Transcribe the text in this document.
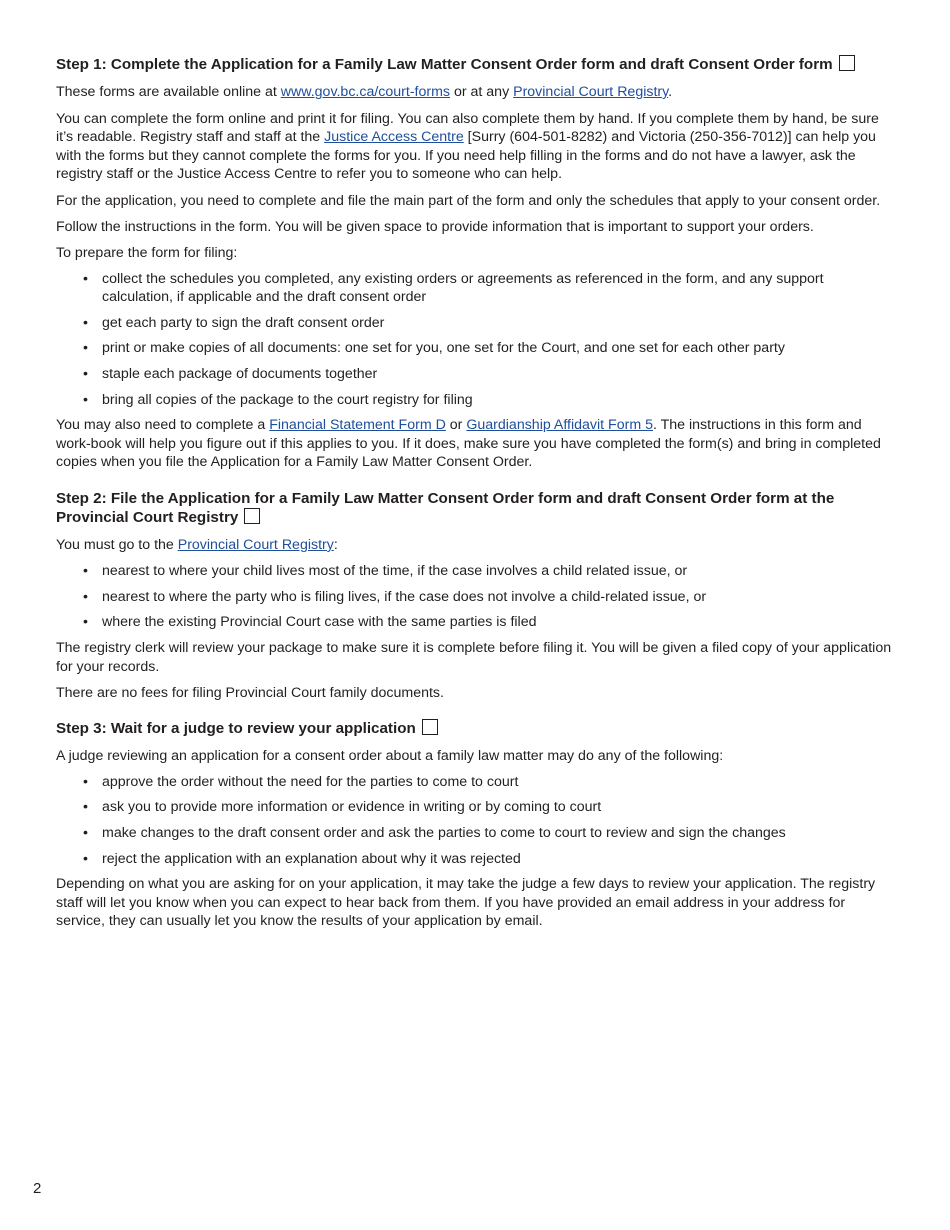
Step 1: Complete the Application for a Family Law Matter Consent Order form and draft Consent Order form

These forms are available online at www.gov.bc.ca/court-forms or at any Provincial Court Registry.

You can complete the form online and print it for filing. You can also complete them by hand. If you complete them by hand, be sure it’s readable. Registry staff and staff at the Justice Access Centre [Surry (604-501-8282) and Victoria (250-356-7012)] can help you with the forms but they cannot complete the forms for you. If you need help filling in the forms and do not have a lawyer, ask the registry staff or the Justice Access Centre to refer you to someone who can help.

For the application, you need to complete and file the main part of the form and only the schedules that apply to your consent order.

Follow the instructions in the form. You will be given space to provide information that is important to support your orders.

To prepare the form for filing:

• collect the schedules you completed, any existing orders or agreements as referenced in the form, and any support calculation, if applicable and the draft consent order
• get each party to sign the draft consent order
• print or make copies of all documents: one set for you, one set for the Court, and one set for each other party
• staple each package of documents together
• bring all copies of the package to the court registry for filing

You may also need to complete a Financial Statement Form D or Guardianship Affidavit Form 5. The instructions in this form and work-book will help you figure out if this applies to you. If it does, make sure you have completed the form(s) and bring in completed copies when you file the Application for a Family Law Matter Consent Order.

Step 2: File the Application for a Family Law Matter Consent Order form and draft Consent Order form at the Provincial Court Registry

You must go to the Provincial Court Registry:

• nearest to where your child lives most of the time, if the case involves a child related issue, or
• nearest to where the party who is filing lives, if the case does not involve a child-related issue, or
• where the existing Provincial Court case with the same parties is filed

The registry clerk will review your package to make sure it is complete before filing it. You will be given a filed copy of your application for your records.

There are no fees for filing Provincial Court family documents.

Step 3: Wait for a judge to review your application

A judge reviewing an application for a consent order about a family law matter may do any of the following:

• approve the order without the need for the parties to come to court
• ask you to provide more information or evidence in writing or by coming to court
• make changes to the draft consent order and ask the parties to come to court to review and sign the changes
• reject the application with an explanation about why it was rejected

Depending on what you are asking for on your application, it may take the judge a few days to review your application. The registry staff will let you know when you can expect to hear back from them. If you have provided an email address in your address for service, they can usually let you know the results of your application by email.

2
